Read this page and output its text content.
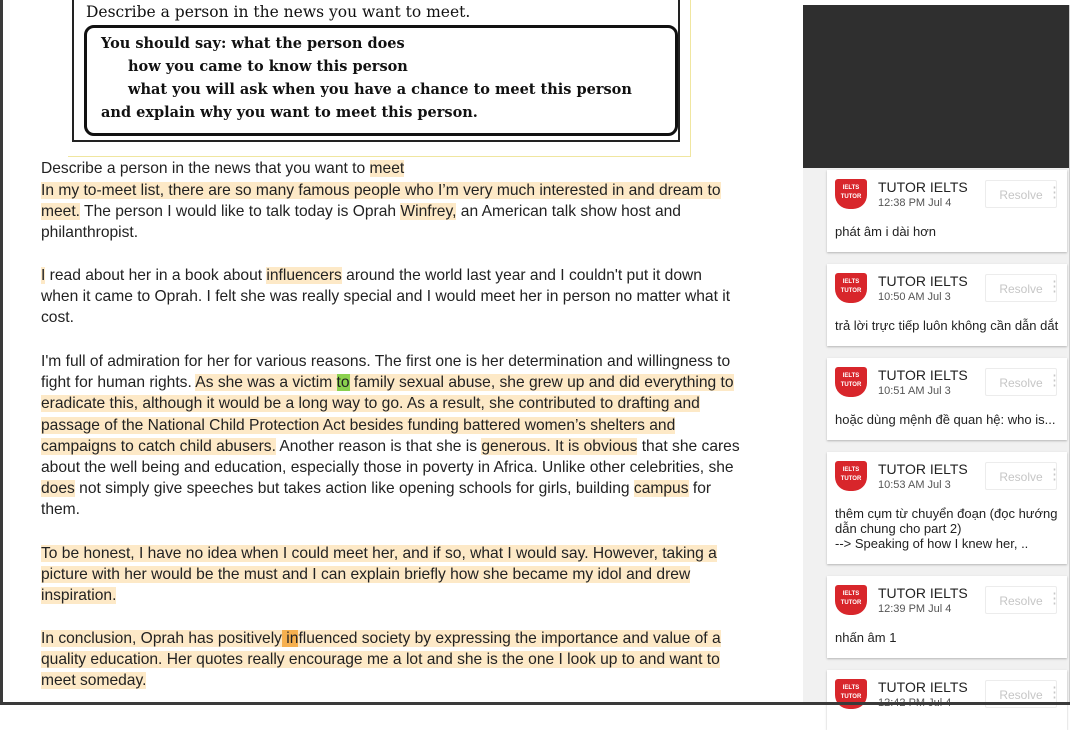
Describe a person in the news you want to meet.
You should say: what the person does
how you came to know this person
what you will ask when you have a chance to meet this person
and explain why you want to meet this person.
Describe a person in the news that you want to meet
In my to-meet list, there are so many famous people who I’m very much interested in and dream to
meet. The person I would like to talk today is Oprah Winfrey, an American talk show host and
philanthropist.
I read about her in a book about influencers around the world last year and I couldn't put it down
when it came to Oprah. I felt she was really special and I would meet her in person no matter what it
cost.
I'm full of admiration for her for various reasons. The first one is her determination and willingness to
fight for human rights. As she was a victim to family sexual abuse, she grew up and did everything to
eradicate this, although it would be a long way to go. As a result, she contributed to drafting and
passage of the National Child Protection Act besides funding battered women’s shelters and
campaigns to catch child abusers. Another reason is that she is generous. It is obvious that she cares
about the well being and education, especially those in poverty in Africa. Unlike other celebrities, she
does not simply give speeches but takes action like opening schools for girls, building campus for
them.
To be honest, I have no idea when I could meet her, and if so, what I would say. However, taking a
picture with her would be the must and I can explain briefly how she became my idol and drew
inspiration.
In conclusion, Oprah has positively influenced society by expressing the importance and value of a
quality education. Her quotes really encourage me a lot and she is the one I look up to and want to
meet someday.
IELTS TUTOR
TUTOR IELTS
12:38 PM Jul 4
Resolve ⋮
phát âm i dài hơn
IELTS TUTOR
TUTOR IELTS
10:50 AM Jul 3
Resolve ⋮
trả lời trực tiếp luôn không cần dẫn dắt
IELTS TUTOR
TUTOR IELTS
10:51 AM Jul 3
Resolve ⋮
hoặc dùng mệnh đề quan hệ: who is...
IELTS TUTOR
TUTOR IELTS
10:53 AM Jul 3
Resolve ⋮
thêm cụm từ chuyển đoạn (đọc hướng dẫn chung cho part 2)
--> Speaking of how I knew her, ..
IELTS TUTOR
TUTOR IELTS
12:39 PM Jul 4
Resolve ⋮
nhấn âm 1
IELTS TUTOR
TUTOR IELTS	Resolve ⋮
